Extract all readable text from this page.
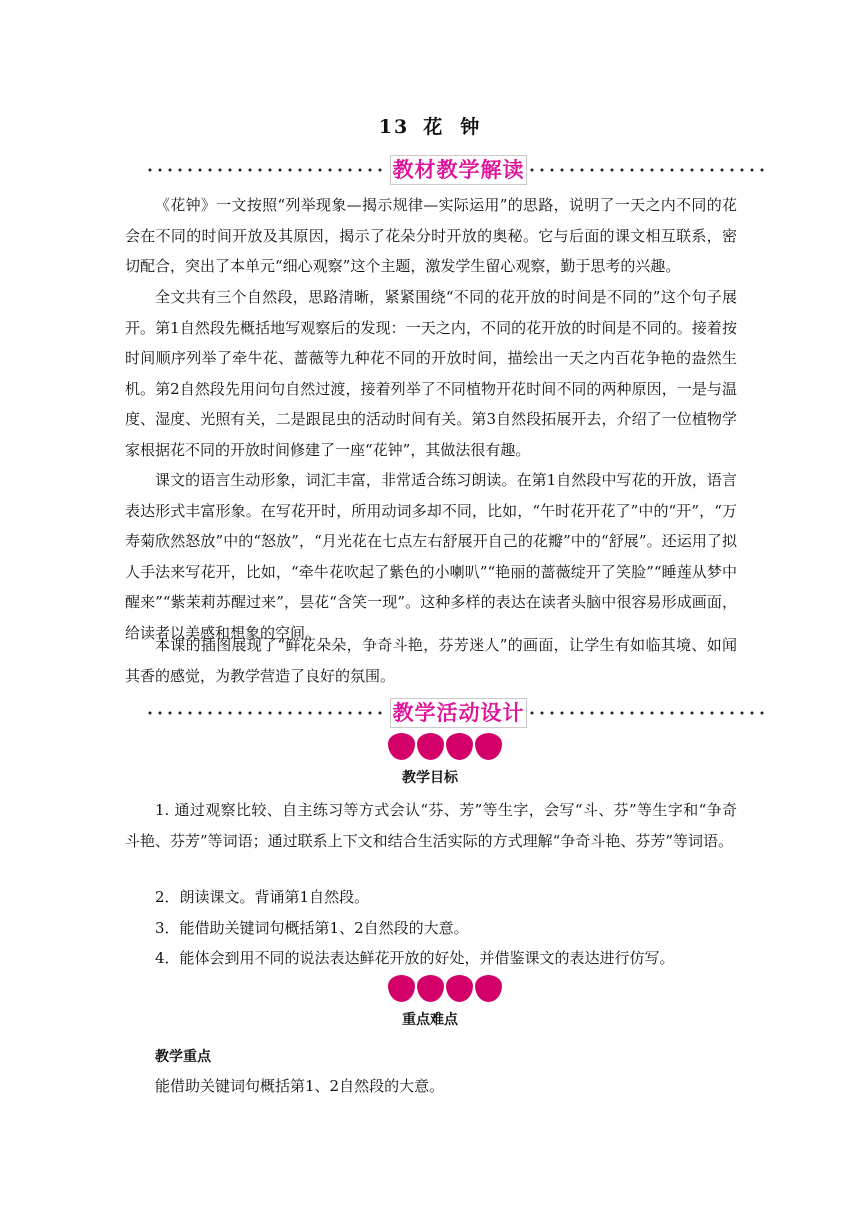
13 花 钟
教材教学解读

《花钟》一文按照“列举现象—揭示规律—实际运用”的思路，说明了一天之内不同的花会在不同的时间开放及其原因，揭示了花朵分时开放的奥秘。它与后面的课文相互联系，密切配合，突出了本单元“细心观察”这个主题，激发学生留心观察，勤于思考的兴趣。

全文共有三个自然段，思路清晰，紧紧围绕“不同的花开放的时间是不同的”这个句子展开。第1自然段先概括地写观察后的发现：一天之内，不同的花开放的时间是不同的。接着按时间顺序列举了牵牛花、蔷薇等九种花不同的开放时间，描绘出一天之内百花争艳的盎然生机。第2自然段先用问句自然过渡，接着列举了不同植物开花时间不同的两种原因，一是与温度、湿度、光照有关，二是跟昆虫的活动时间有关。第3自然段拓展开去，介绍了一位植物学家根据花不同的开放时间修建了一座“花钟”，其做法很有趣。

课文的语言生动形象，词汇丰富，非常适合练习朗读。在第1自然段中写花的开放，语言表达形式丰富形象。在写花开时，所用动词多却不同，比如，“午时花开花了”中的“开”，“万寿菊欣然怒放”中的“怒放”，“月光花在七点左右舒展开自己的花瓣”中的“舒展”。还运用了拟人手法来写花开，比如，“牵牛花吹起了紫色的小喇叭”“艳丽的蔷薇绽开了笑脸”“睡莲从梦中醒来”“紫茉莉苏醒过来”，昙花“含笑一现”。这种多样的表达在读者头脑中很容易形成画面，给读者以美感和想象的空间。

本课的插图展现了“鲜花朵朵，争奇斗艳，芬芳迷人”的画面，让学生有如临其境、如闻其香的感觉，为教学营造了良好的氛围。

教学活动设计
教学目标

1. 通过观察比较、自主练习等方式会认“芬、芳”等生字，会写“斗、芬”等生字和“争奇斗艳、芬芳”等词语；通过联系上下文和结合生活实际的方式理解“争奇斗艳、芬芳”等词语。

2．朗读课文。背诵第1自然段。

3．能借助关键词句概括第1、2自然段的大意。

4．能体会到用不同的说法表达鲜花开放的好处，并借鉴课文的表达进行仿写。

重点难点
教学重点
能借助关键词句概括第1、2自然段的大意。
